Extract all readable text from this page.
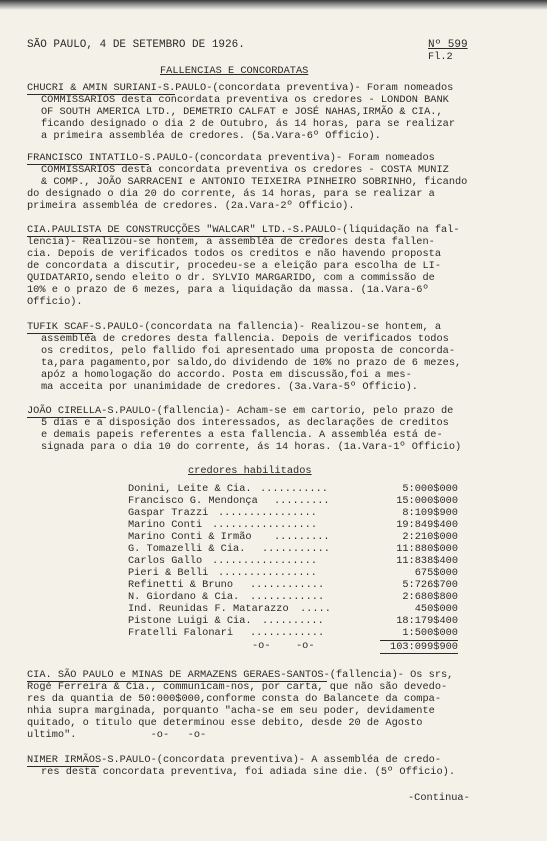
SÃO PAULO, 4 DE SETEMBRO DE 1926.	Nº 599
Fl.2
FALLENCIAS E CONCORDATAS
CHUCRI & AMIN SURIANI-S.PAULO-(concordata preventiva)- Foram nomeados
COMMISSARIOS desta concordata preventiva os credores - LONDON BANK
OF SOUTH AMERICA LTD., DEMETRIO CALFAT e JOSÉ NAHAS,IRMÃO & CIA.,
ficando designado o dia 2 de Outubro, ás 14 horas, para se realizar
a primeira assembléa de credores. (5a.Vara-6º Officio).
FRANCISCO INTATILO-S.PAULO-(concordata preventiva)- Foram nomeados
COMMISSARIOS desta concordata preventiva os credores - COSTA MUNIZ
& COMP., JOÃO SARRACENI e ANTONIO TEIXEIRA PINHEIRO SOBRINHO, ficando
do designado o dia 20 do corrente, ás 14 horas, para se realizar a
primeira assembléa de credores. (2a.Vara-2º Officio).
CIA.PAULISTA DE CONSTRUCÇÕES "WALCAR" LTD.-S.PAULO-(liquidação na fal-
lencia)- Realizou-se hontem, a assembléa de credores desta fallen-
cia. Depois de verificados todos os creditos e não havendo proposta
de concordata a discutir, procedeu-se a eleição para escolha de LI-
QUIDATARIO,sendo eleito o dr. SYLVIO MARGARIDO, com a commissão de
10% e o prazo de 6 mezes, para a liquidação da massa. (1a.Vara-6º
Officio).
TUFIK SCAF-S.PAULO-(concordata na fallencia)- Realizou-se hontem, a
assembléa de credores desta fallencia. Depois de verificados todos
os creditos, pelo fallido foi apresentado uma proposta de concorda-
ta,para pagamento,por saldo,do dividendo de 10% no prazo de 6 mezes,
apóz a homologação do accordo. Posta em discussão,foi a mes-
ma acceita por unanimidade de credores. (3a.Vara-5º Officio).
JOÃO CIRELLA-S.PAULO-(fallencia)- Acham-se em cartorio, pelo prazo de
5 dias e a disposição dos interessados, as declarações de creditos
e demais papeis referentes a esta fallencia. A assembléa está de-
signada para o dia 10 do corrente, ás 14 horas. (1a.Vara-1º Officio)
credores habilitados
Donini, Leite & Cia. ...........	5:000$000
Francisco G. Mendonça .........	15:000$000
Gaspar Trazzi ................	8:109$900
Marino Conti .................	19:849$400
Marino Conti & Irmão .........	2:210$000
G. Tomazelli & Cia. ...........	11:880$000
Carlos Gallo .................	11:838$400
Pieri & Belli ................	675$000
Refinetti & Bruno ............	5:726$700
N. Giordano & Cia. ............	2:680$800
Ind. Reunidas F. Matarazzo .....	450$000
Pistone Luigi & Cia. ..........	18:179$400
Fratelli Falonari ............	1:500$000
-o- -o-	103:099$900
CIA. SÃO PAULO e MINAS DE ARMAZENS GERAES-SANTOS-(fallencia)- Os srs,
Rogé Ferreira & Cia., communicam-nos, por carta, que não são devedo-
res da quantia de 50:000$000,conforme consta do Balancete da compa-
nhia supra marginada, porquanto "acha-se em seu poder, devidamente
quitado, o titulo que determinou esse debito, desde 20 de Agosto
ultimo".            -o-   -o-
NIMER IRMÃOS-S.PAULO-(concordata preventiva)- A assembléa de credo-
res desta concordata preventiva, foi adiada sine die. (5º Officio).
-Continua-
